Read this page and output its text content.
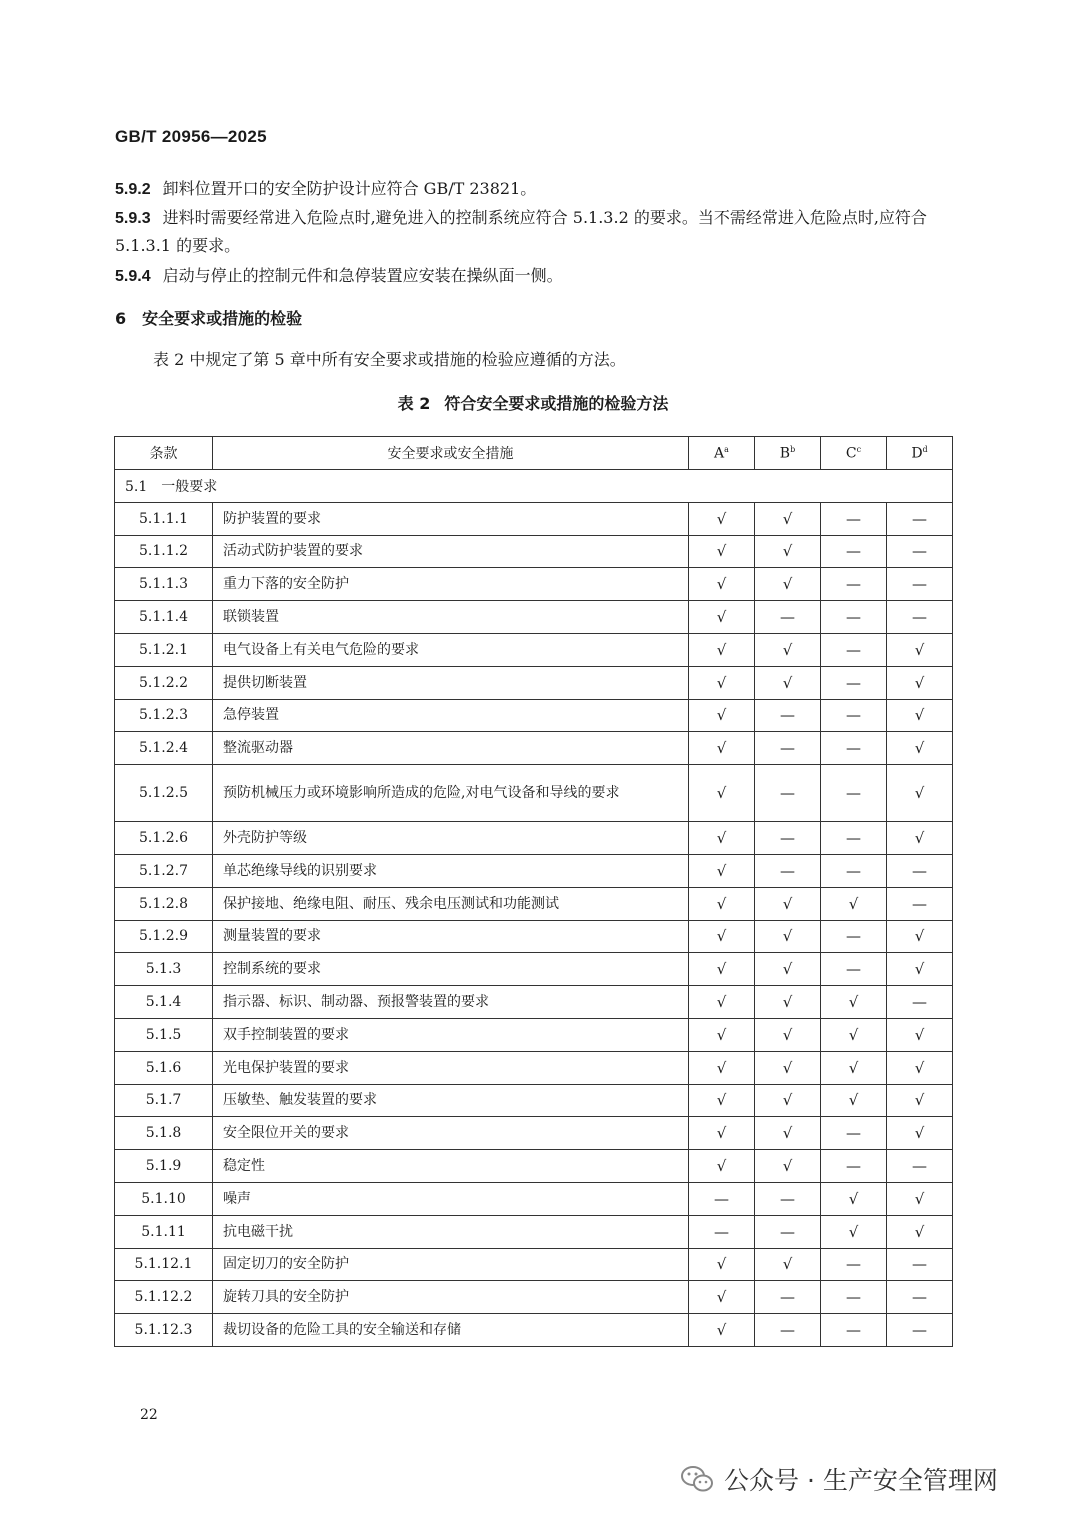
GB/T 20956—2025
5.9.2 卸料位置开口的安全防护设计应符合 GB/T 23821。
5.9.3 进料时需要经常进入危险点时,避免进入的控制系统应符合 5.1.3.2 的要求。当不需经常进入危险点时,应符合 5.1.3.1 的要求。
5.9.4 启动与停止的控制元件和急停装置应安装在操纵面一侧。
6 安全要求或措施的检验
表 2 中规定了第 5 章中所有安全要求或措施的检验应遵循的方法。
表 2 符合安全要求或措施的检验方法
条款	安全要求或安全措施	$A^a$	$B^b$	$C^c$	$D^d$
5.1　一般要求					
5.1.1.1	防护装置的要求	√	√	—	—
5.1.1.2	活动式防护装置的要求	√	√	—	—
5.1.1.3	重力下落的安全防护	√	√	—	—
5.1.1.4	联锁装置	√	—	—	—
5.1.2.1	电气设备上有关电气危险的要求	√	√	—	√
5.1.2.2	提供切断装置	√	√	—	√
5.1.2.3	急停装置	√	—	—	√
5.1.2.4	整流驱动器	√	—	—	√
5.1.2.5	预防机械压力或环境影响所造成的危险,对电气设备和导线的要求	√	—	—	√
5.1.2.6	外壳防护等级	√	—	—	√
5.1.2.7	单芯绝缘导线的识别要求	√	—	—	—
5.1.2.8	保护接地、绝缘电阻、耐压、残余电压测试和功能测试	√	√	√	—
5.1.2.9	测量装置的要求	√	√	—	√
5.1.3	控制系统的要求	√	√	—	√
5.1.4	指示器、标识、制动器、预报警装置的要求	√	√	√	—
5.1.5	双手控制装置的要求	√	√	√	√
5.1.6	光电保护装置的要求	√	√	√	√
5.1.7	压敏垫、触发装置的要求	√	√	√	√
5.1.8	安全限位开关的要求	√	√	—	√
5.1.9	稳定性	√	√	—	—
5.1.10	噪声	—	—	√	√
5.1.11	抗电磁干扰	—	—	√	√
5.1.12.1	固定切刀的安全防护	√	√	—	—
5.1.12.2	旋转刀具的安全防护	√	—	—	—
5.1.12.3	裁切设备的危险工具的安全输送和存储	√	—	—	—
22
公众号 · 生产安全管理网
